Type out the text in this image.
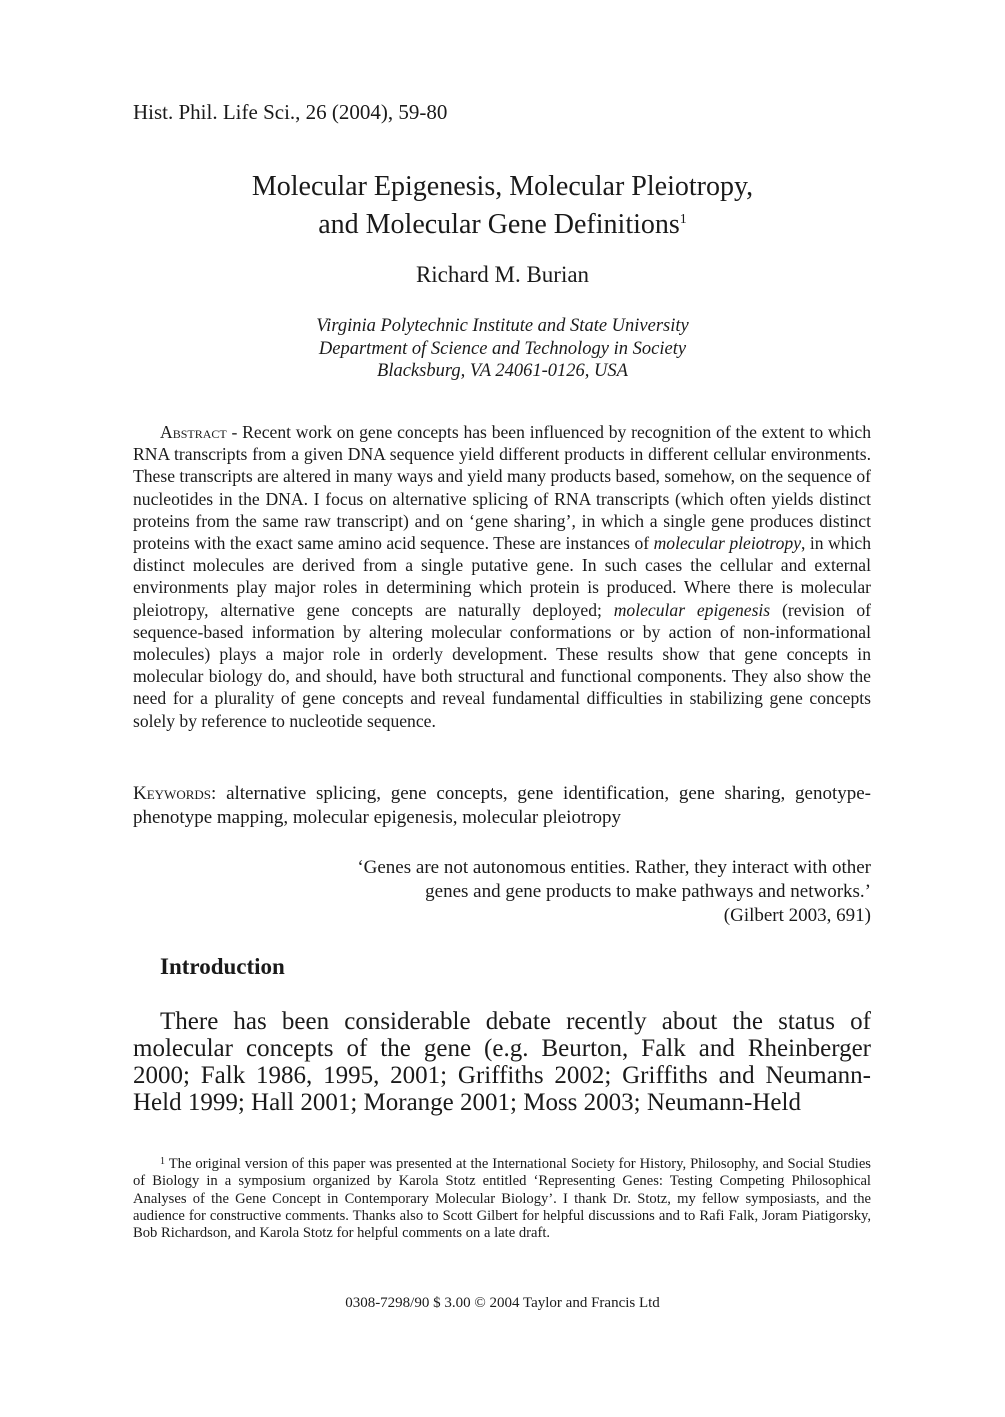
Hist. Phil. Life Sci., 26 (2004), 59-80
Molecular Epigenesis, Molecular Pleiotropy,
and Molecular Gene Definitions$^1$
Richard M. Burian
Virginia Polytechnic Institute and State University
Department of Science and Technology in Society
Blacksburg, VA 24061-0126, USA

Abstract - Recent work on gene concepts has been influenced by recognition of the extent to which RNA transcripts from a given DNA sequence yield different products in different cellular environments. These transcripts are altered in many ways and yield many products based, somehow, on the sequence of nucleotides in the DNA. I focus on alternative splicing of RNA transcripts (which often yields distinct proteins from the same raw transcript) and on ‘gene sharing’, in which a single gene produces distinct proteins with the exact same amino acid sequence. These are instances of molecular pleiotropy, in which distinct molecules are derived from a single putative gene. In such cases the cellular and external environments play major roles in determining which protein is produced. Where there is molecular pleiotropy, alternative gene concepts are naturally deployed; molecular epigenesis (revision of sequence-based information by altering molecular conformations or by action of non-informational molecules) plays a major role in orderly development. These results show that gene concepts in molecular biology do, and should, have both structural and functional components. They also show the need for a plurality of gene concepts and reveal fundamental difficulties in stabilizing gene concepts solely by reference to nucleotide sequence.

Keywords: alternative splicing, gene concepts, gene identification, gene sharing, genotype-phenotype mapping, molecular epigenesis, molecular pleiotropy

‘Genes are not autonomous entities. Rather, they interact with other
genes and gene products to make pathways and networks.’
(Gilbert 2003, 691)
Introduction

There has been considerable debate recently about the status of molecular concepts of the gene (e.g. Beurton, Falk and Rheinberger 2000; Falk 1986, 1995, 2001; Griffiths 2002; Griffiths and Neumann-Held 1999; Hall 2001; Morange 2001; Moss 2003; Neumann-Held

$^1$ The original version of this paper was presented at the International Society for History, Philosophy, and Social Studies of Biology in a symposium organized by Karola Stotz entitled ‘Representing Genes: Testing Competing Philosophical Analyses of the Gene Concept in Contemporary Molecular Biology’. I thank Dr. Stotz, my fellow symposiasts, and the audience for constructive comments. Thanks also to Scott Gilbert for helpful discussions and to Rafi Falk, Joram Piatigorsky, Bob Richardson, and Karola Stotz for helpful comments on a late draft.

0308-7298/90 $ 3.00 © 2004 Taylor and Francis Ltd
